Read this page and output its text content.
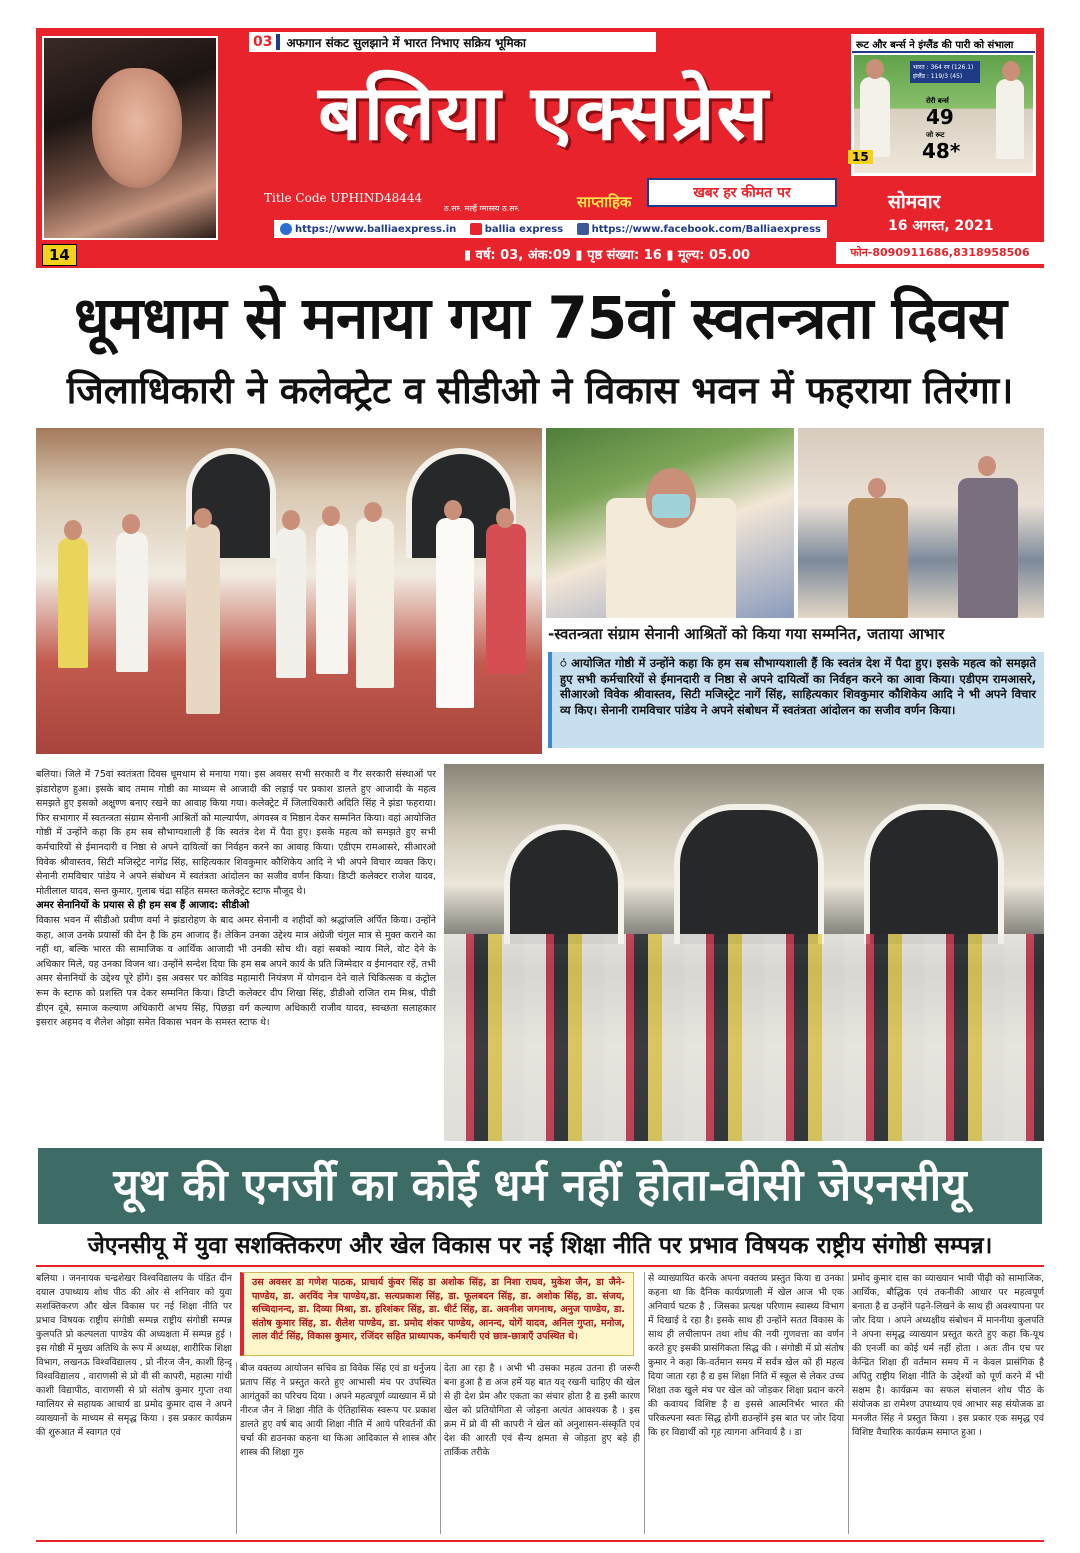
14
03	अफगान संकट सुलझाने में भारत निभाए सक्रिय भूमिका
बलिया एक्सप्रेस
Title Code UPHIND48444
ठ.सम्‍. मल्हैं ग्मास्स्य ठ.सम्‍.	साप्ताहिक	खबर हर कीमत पर
https://www.balliaexpress.in	ballia express	https://www.facebook.com/Balliaexpress
▮ वर्ष: 03, अंक:09 ▮ पृष्ठ संख्या: 16 ▮ मूल्य: 05.00
रूट और बर्न्स ने इंग्लैंड की पारी को संभाला
भारत : 364 रन (126.1)
इंग्लैंड : 119/3 (45)
रोरी बर्न्स
49
जो रूट
48*
15
सोमवार
16 अगस्त, 2021
फोन-8090911686,8318958506
धूमधाम से मनाया गया 75वां स्वतन्त्रता दिवस
जिलाधिकारी ने कलेक्ट्रेट व सीडीओ ने विकास भवन में फहराया तिरंगा।
-स्वतन्त्रता संग्राम सेनानी आश्रितों को किया गया सम्मनित, जताया आभार
ं आयोजित गोष्ठी में उन्होंने कहा कि हम सब सौभाग्यशाली हैं कि स्वतंत्र देश में पैदा हुए। इसके महत्व को समझते हुए सभी कर्मचारियों से ईमानदारी व निष्ठा से अपने दायित्वों का निर्वहन करने का आवा किया। एडीएम रामआसरे, सीआरओ विवेक श्रीवास्तव, सिटी मजिस्ट्रेट नागें सिंह, साहित्यकार शिवकुमार कौशिकेय आदि ने भी अपने विचार व्य किए। सेनानी रामविचार पांडेय ने अपने संबोधन में स्वतंत्रता आंदोलन का सजीव वर्णन किया।

बलिया। जिले में 75वां स्वतंत्रता दिवस धूमधाम से मनाया गया। इस अवसर सभी सरकारी व गैर सरकारी संस्थाओं पर झंडारोहण हुआ। इसके बाद तमाम गोष्ठी का माध्यम से आजादी की लड़ाई पर प्रकाश डालते हुए आजादी के महत्व समझते हुए इसको अक्षुण्ण बनाए रखने का आवाह किया गया। कलेक्ट्रेट में जिलाधिकारी अदिति सिंह ने झंडा फहराया। फिर सभागार में स्वतन्त्रता संग्राम सेनानी आश्रितों को माल्यार्पण, अंगवस्त्र व मिष्ठान देकर सम्मनित किया। वहां आयोजित गोष्ठी में उन्होंने कहा कि हम सब सौभाग्यशाली हैं कि स्वतंत्र देश में पैदा हुए। इसके महत्व को समझते हुए सभी कर्मचारियों से ईमानदारी व निष्ठा से अपने दायित्वों का निर्वहन करने का आवाह किया। एडीएम रामआसरे, सीआरओ विवेक श्रीवास्तव, सिटी मजिस्ट्रेट नागेंद्र सिंह, साहित्यकार शिवकुमार कौशिकेय आदि ने भी अपने विचार व्यक्त किए। सेनानी रामविचार पांडेय ने अपने संबोधन में स्वतंत्रता आंदोलन का सजीव वर्णन किया। डिप्टी कलेक्टर राजेश यादव, मोतीलाल यादव, सन्त कुमार, गुलाब चंद्रा सहित समस्त कलेक्ट्रेट स्टाफ मौजूद थे।

अमर सेनानियों के प्रयास से ही हम सब हैं आजाद: सीडीओ

विकास भवन में सीडीओ प्रवीण वर्मा ने झंडारोहण के बाद अमर सेनानी व शहीदों को श्रद्धांजलि अर्पित किया। उन्होंने कहा, आज उनके प्रयासों की देन है कि हम आजाद हैं। लेकिन उनका उद्देश्य मात्र अंग्रेजी चंगुल मात्र से मुक्त कराने का नहीं था, बल्कि भारत की सामाजिक व आर्थिक आजादी भी उनकी सोच थी। वहां सबको न्याय मिले, वोट देने के अधिकार मिले, यह उनका विजन था। उन्होंने सन्देश दिया कि हम सब अपने कार्य के प्रति जिम्मेदार व ईमानदार रहें, तभी अमर सेनानियों के उद्देश्य पूरे होंगे। इस अवसर पर कोविड महामारी नियंत्रण में योगदान देने वाले चिकित्सक व कंट्रोल रूम के स्टाफ को प्रशस्ति पत्र देकर सम्मनित किया। डिप्टी कलेक्टर दीप शिखा सिंह, डीडीओ राजित राम मिश्र, पीडी डीएन दूबे, समाज कल्याण अधिकारी अभय सिंह, पिछड़ा वर्ग कल्याण अधिकारी राजीव यादव, स्वच्छता सलाहकार इसरार अहमद व शैलेश ओझा समेत विकास भवन के समस्त स्टाफ थे।

यूथ की एनर्जी का कोई धर्म नहीं होता-वीसी जेएनसीयू
जेएनसीयू में युवा सशक्तिकरण और खेल विकास पर नई शिक्षा नीति पर प्रभाव विषयक राष्ट्रीय संगोष्ठी सम्पन्न।
बलिया । जननायक चन्द्रशेखर विश्वविद्यालय के पंडित दीन दयाल उपाध्याय शोध पीठ की ओर से शनिवार को युवा सशक्तिकरण और खेल विकास पर नई शिक्षा नीति पर प्रभाव विषयक राष्ट्रीय संगोष्ठी सम्पन्न राष्ट्रीय संगोष्ठी सम्पन्न कुलपति प्रो कल्पलता पाण्डेय की अध्यक्षता में सम्पन्न हुई । इस गोष्ठी में मुख्य अतिथि के रूप में अध्यक्ष, शारीरिक शिक्षा विभाग, लखनऊ विश्वविद्यालय , प्रो नीरज जैन, काशी हिन्दू विश्वविद्यालय , वाराणसी से प्रो वी सी कापरी, महात्मा गांधी काशी विद्यापीठ, वाराणसी से प्रो संतोष कुमार गुप्ता तथा ग्वालियर से सहायक आचार्य डा प्रमोद कुमार दास ने अपने व्याख्यानों के माध्यम से समृद्ध किया । इस प्रकार कार्यक्रम की शुरुआत में स्वागत एवं
उस अवसर डा गणेश पाठक, प्राचार्य कुंवर सिंह डा अशोक सिंह, डा निशा राघव, मुकेश जैन, डा जैने- पाण्डेय, डा. अरविंद नेत्र पाण्डेय,डा. सत्यप्रकाश सिंह, डा. फूलबदन सिंह, डा. अशोक सिंह, डा. संजय, सच्चिदानन्द, डा. दिव्या मिश्रा, डा. हरिशंकर सिंह, डा. धीर्ट सिंह, डा. अवनीश जगनाथ, अनुज पाण्डेय, डा. संतोष कुमार सिंह, डा. शैलेश पाण्डेय, डा. प्रमोद शंकर पाण्डेय, आनन्द, योगें यादव, अनिल गुप्ता, मनोज, लाल वीर्ट सिंह, विकास कुमार, रजिंदर सहित प्राध्यापक, कर्मचारी एवं छात्र-छात्राएँ उपस्थित थे।
बीज वक्तव्य आयोजन सचिव डा विवेक सिंह एवं डा धर्नुजय प्रताप सिंह ने प्रस्तुत करते हुए आभासी मंच पर उपस्थित आगंतुकों का परिचय दिया । अपने महत्वपूर्ण व्याख्यान में प्रो नीरज जैन ने शिक्षा नीति के ऐतिहासिक स्वरूप पर प्रकाश डालते हुए वर्ष बाद आयी शिक्षा नीति में आये परिवर्तनों की चर्चा की द्यउनका कहना था किआ आदिकाल से शास्त्र और शास्त्र की शिक्षा गुरु
देता आ रहा है । अभी भी उसका महत्व उतना ही जरूरी बना हुआ है द्य अज हमें यह बात यद् रखनी चाहिए की खेल से ही देश प्रेम और एकता का संचार होता है द्य इसी कारण खेल को प्रतियोगिता से जोड़ना अत्यंत आवश्यक है । इस क्रम में प्रो वी सी कापरी ने खेल को अनुशासन-संस्कृति एवं देश की आरती एवं सैन्य क्षमता से जोड़ता हुए बड़े ही तार्किक तरीके
से व्याख्यायित करके अपना वक्तव्य प्रस्तुत किया द्य उनका कहना था कि दैनिक कार्यप्रणाली में खेल आज भी एक अनिवार्य घटक है , जिसका प्रत्यक्ष परिणाम स्वास्थ्य विभाग में दिखाई दे रहा है। इसके साथ ही उन्होंने सतत विकास के साथ ही लचीलापन तथा शोध की नयी गुणवत्ता का वर्णन करते हुए इसकी प्रासंगिकता सिद्ध की । संगोष्ठी में प्रो संतोष कुमार ने कहा कि-वर्तमान समय में सर्वत्र खेल को ही महत्व दिया जाता रहा है द्य इस शिक्षा निति में स्कूल से लेकर उच्च शिक्षा तक खुले मंच पर खेल को जोड़कर शिक्षा प्रदान करने की कवायद विशिष्ट है द्य इससे आत्मनिर्भर भारत की परिकल्पना स्वतः सिद्ध होगी द्यउन्होंने इस बात पर जोर दिया कि हर विद्यार्थी को गृह त्यागना अनिवार्य है । डा
प्रमोद कुमार दास का व्याख्यान भावी पीढ़ी को सामाजिक, आर्थिक, बौद्धिक एवं तकनीकी आधार पर महत्वपूर्ण बनाता है द्य उन्होंने पढ़ने-लिखने के साथ ही अवश्यापना पर जोर दिया । अपने अध्यक्षीय संबोधन में माननीया कुलपति ने अपना समृद्ध व्याख्यान प्रस्तुत करते हुए कहा कि-यूथ की एनर्जी का कोई धर्म नहीं होता । अतः तीन एच पर केन्द्रित शिक्षा ही वर्तमान समय में न केवल प्रासंगिक है अपितु राष्ट्रीय शिक्षा नीति के उद्देश्यों को पूर्ण करने में भी सक्षम है। कार्यक्रम का सफल संचालन शोध पीठ के संयोजक डा रामेश्ण उपाध्याय एवं आभार सह संयोजक डा मनजीत सिंह ने प्रस्तुत किया । इस प्रकार एक समृद्ध एवं विशिष्ट वैचारिक कार्यक्रम समाप्त हुआ ।
